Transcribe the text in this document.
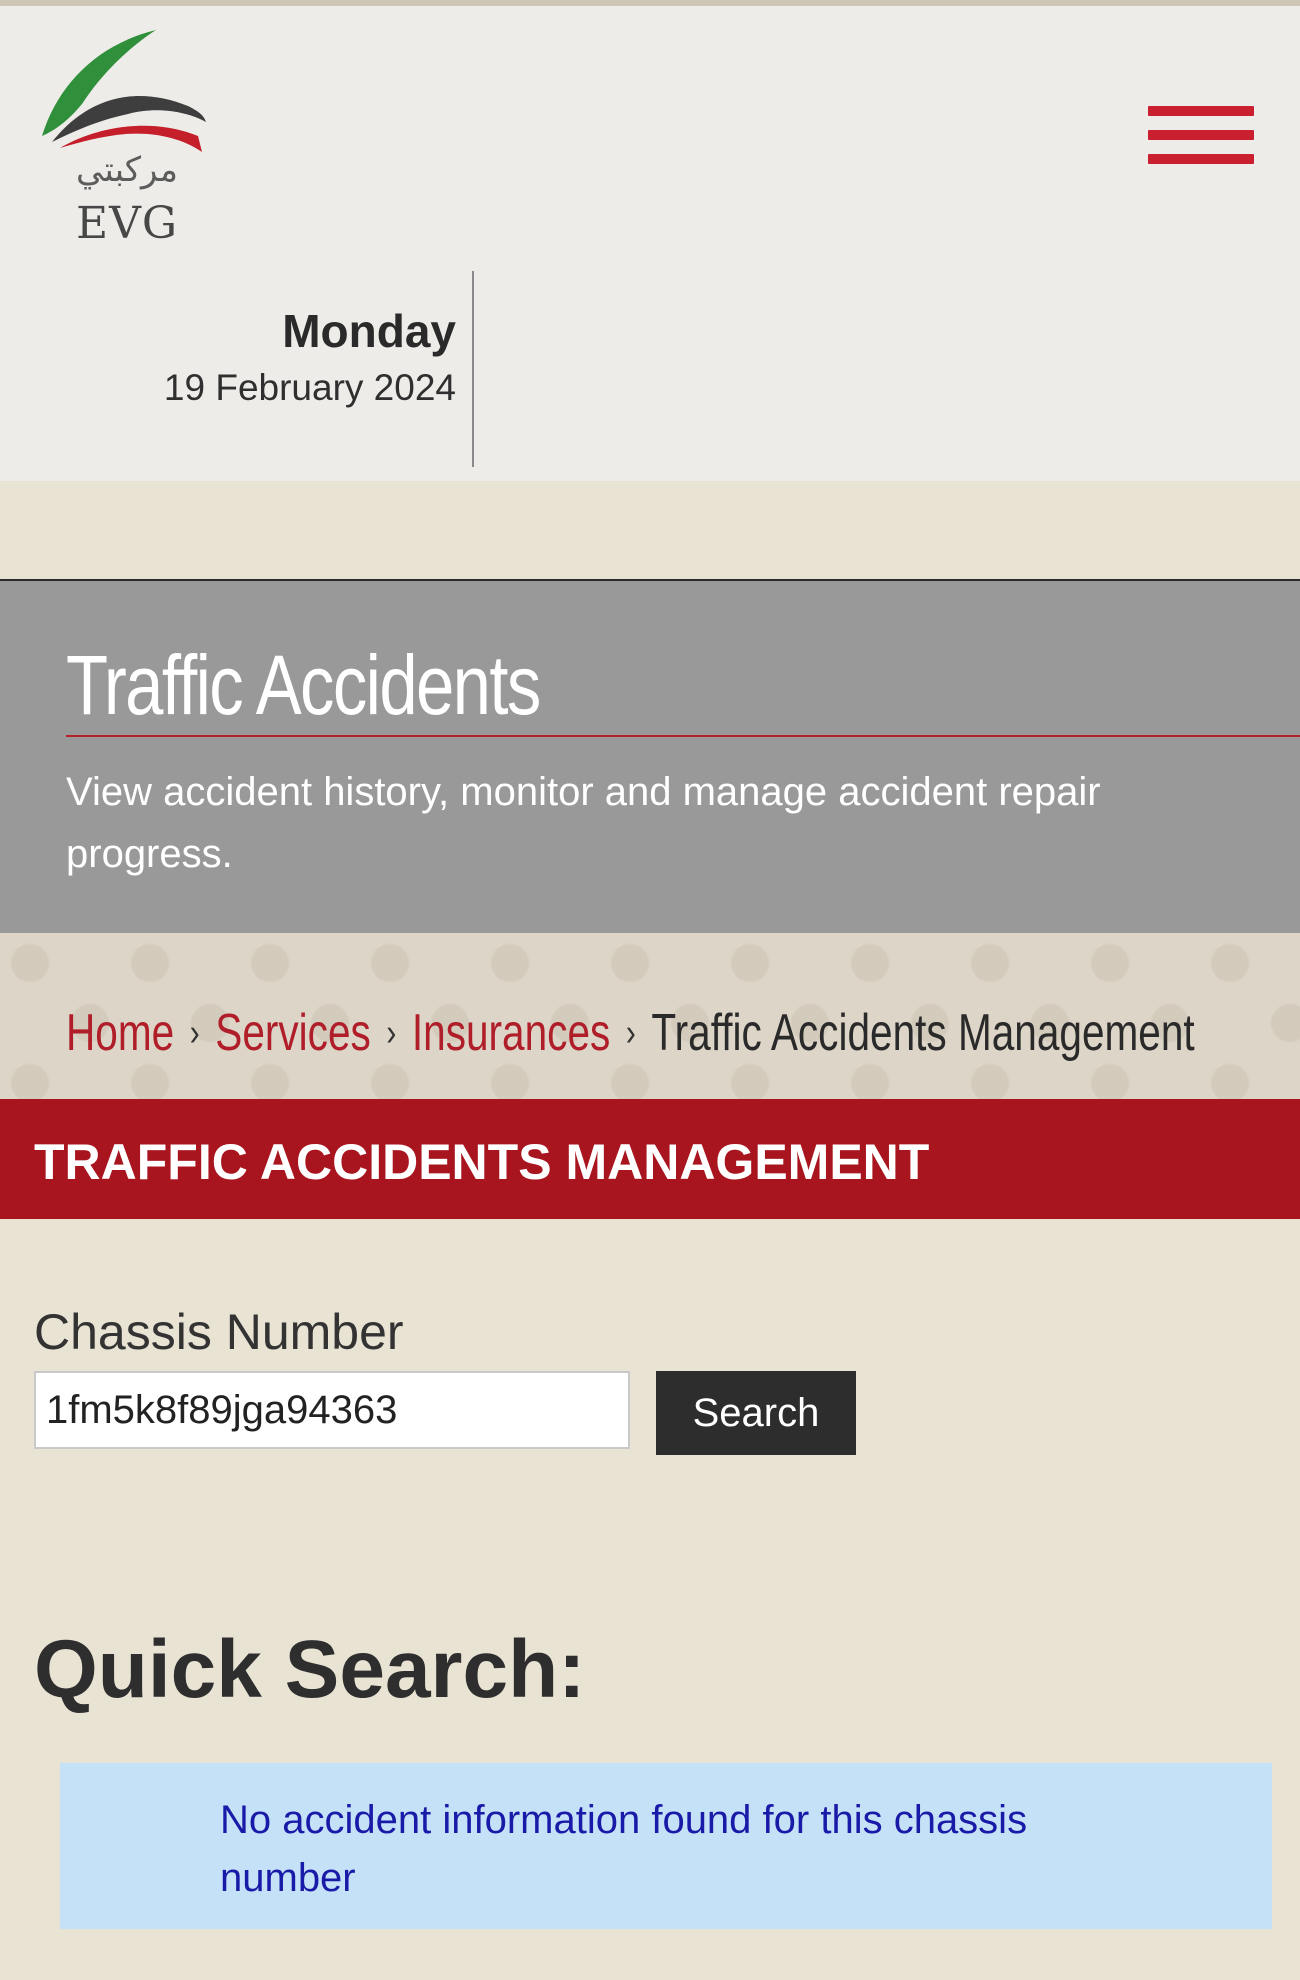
مركبتي
EVG
Monday
19 February 2024
Traffic Accidents
View accident history, monitor and manage accident repair progress.
Home › Services › Insurances › Traffic Accidents Management
TRAFFIC ACCIDENTS MANAGEMENT
Chassis Number
1fm5k8f89jga94363
Search
Quick Search:

No accident information found for this chassis number
